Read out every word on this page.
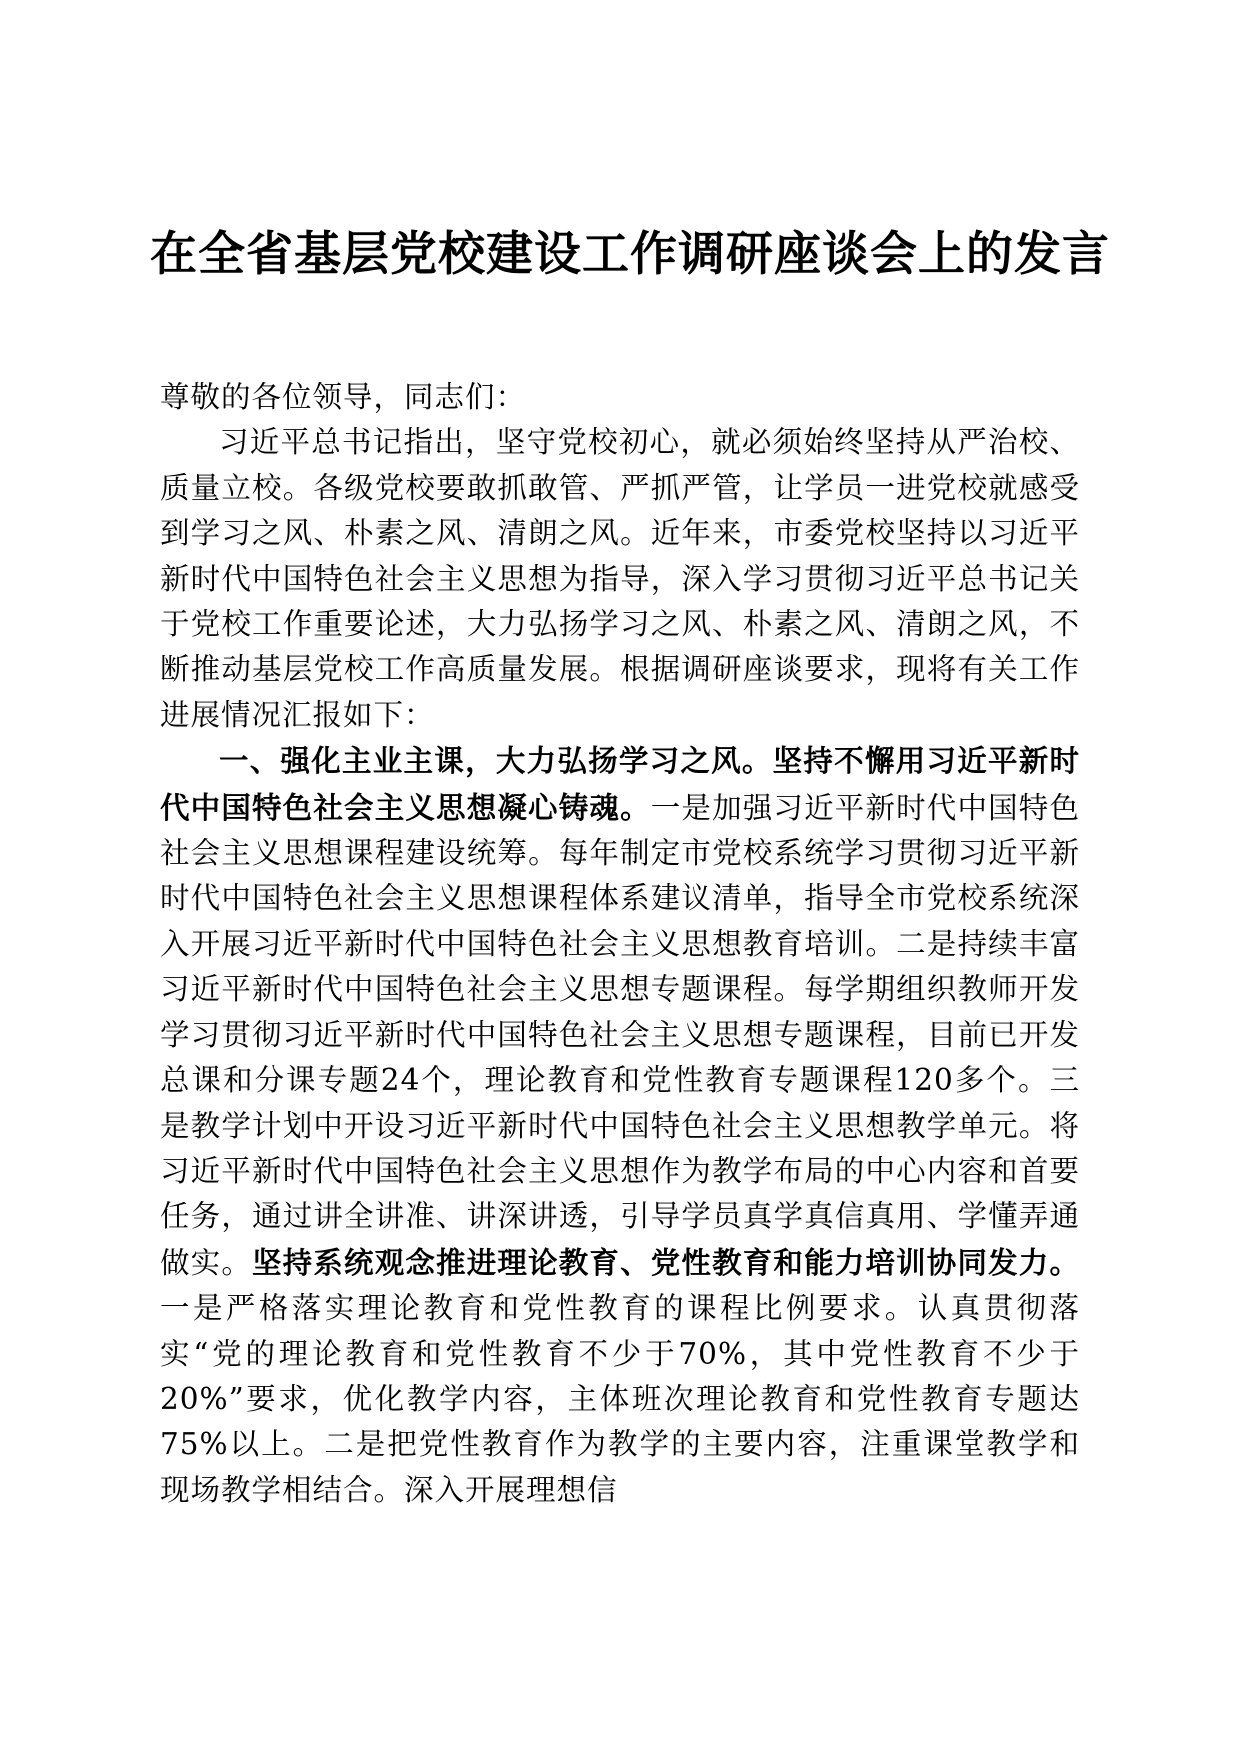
在全省基层党校建设工作调研座谈会上的发言

尊敬的各位领导，同志们：

习近平总书记指出，坚守党校初心，就必须始终坚持从严治校、质量立校。各级党校要敢抓敢管、严抓严管，让学员一进党校就感受到学习之风、朴素之风、清朗之风。近年来，市委党校坚持以习近平新时代中国特色社会主义思想为指导，深入学习贯彻习近平总书记关于党校工作重要论述，大力弘扬学习之风、朴素之风、清朗之风，不断推动基层党校工作高质量发展。根据调研座谈要求，现将有关工作进展情况汇报如下：

一、强化主业主课，大力弘扬学习之风。坚持不懈用习近平新时代中国特色社会主义思想凝心铸魂。一是加强习近平新时代中国特色社会主义思想课程建设统筹。每年制定市党校系统学习贯彻习近平新时代中国特色社会主义思想课程体系建议清单，指导全市党校系统深入开展习近平新时代中国特色社会主义思想教育培训。二是持续丰富习近平新时代中国特色社会主义思想专题课程。每学期组织教师开发学习贯彻习近平新时代中国特色社会主义思想专题课程，目前已开发总课和分课专题24个，理论教育和党性教育专题课程120多个。三是教学计划中开设习近平新时代中国特色社会主义思想教学单元。将习近平新时代中国特色社会主义思想作为教学布局的中心内容和首要任务，通过讲全讲准、讲深讲透，引导学员真学真信真用、学懂弄通做实。坚持系统观念推进理论教育、党性教育和能力培训协同发力。一是严格落实理论教育和党性教育的课程比例要求。认真贯彻落实“党的理论教育和党性教育不少于70%，其中党性教育不少于20%”要求，优化教学内容，主体班次理论教育和党性教育专题达75%以上。二是把党性教育作为教学的主要内容，注重课堂教学和现场教学相结合。深入开展理想信
